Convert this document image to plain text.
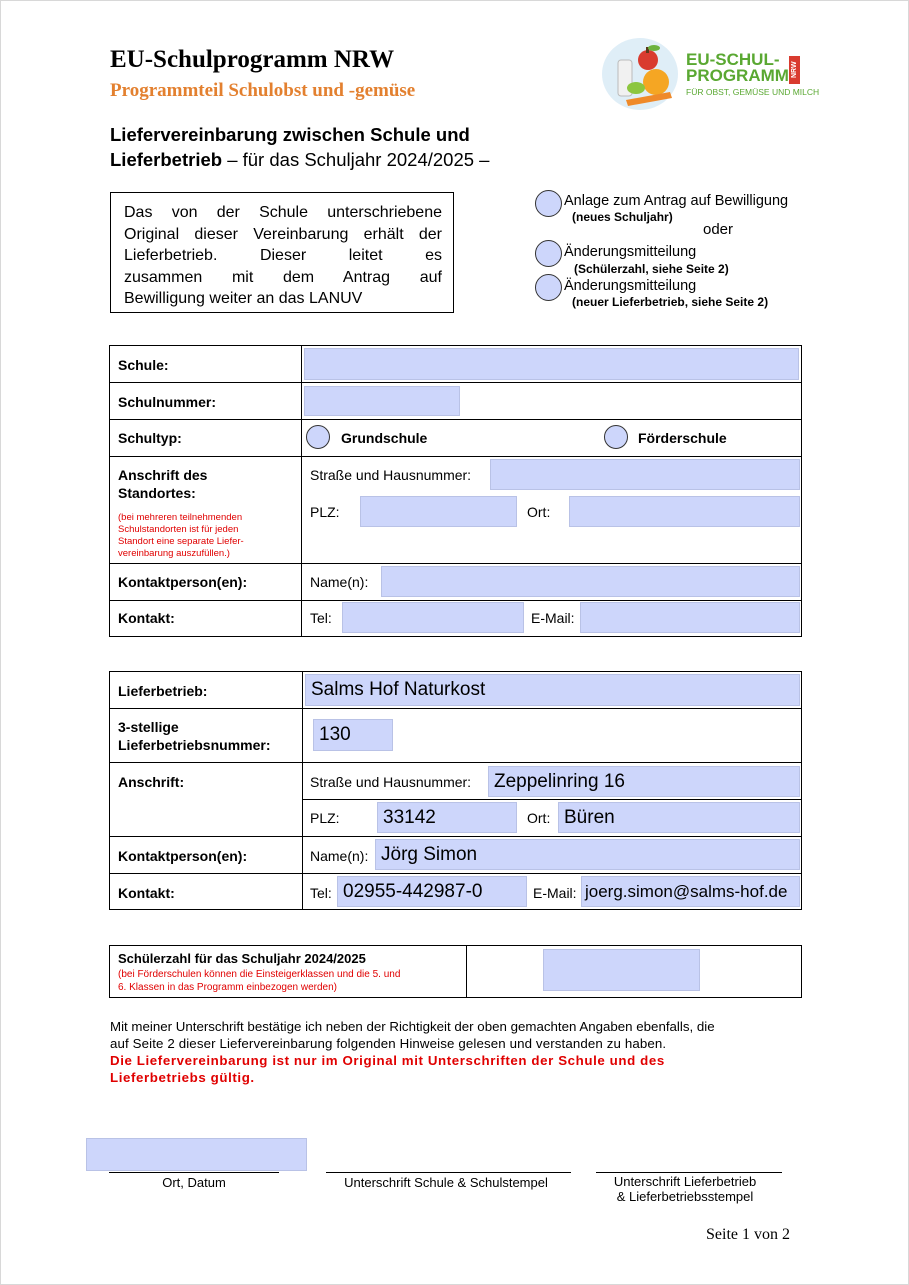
EU-Schulprogramm NRW
Programmteil Schulobst und -gemüse
EU-SCHUL-
PROGRAMM NRW
FÜR OBST, GEMÜSE UND MILCH
Liefervereinbarung zwischen Schule und
Lieferbetrieb – für das Schuljahr 2024/2025 –
Das von der Schule unterschriebene
Original dieser Vereinbarung erhält der
Lieferbetrieb. Dieser leitet es
zusammen mit dem Antrag auf
Bewilligung weiter an das LANUV
Anlage zum Antrag auf Bewilligung
(neues Schuljahr)
oder
Änderungsmitteilung
(Schülerzahl, siehe Seite 2)
Änderungsmitteilung
(neuer Lieferbetrieb, siehe Seite 2)
Schule:
Schulnummer:
Schultyp:	Grundschule	Förderschule
Anschrift des
Standortes:
(bei mehreren teilnehmenden
Schulstandorten ist für jeden
Standort eine separate Liefer-
vereinbarung auszufüllen.)
Straße und Hausnummer:
PLZ:	Ort:
Kontaktperson(en):	Name(n):
Kontakt:	Tel:	E-Mail:
Lieferbetrieb:	Salms Hof Naturkost
3-stellige
Lieferbetriebsnummer:	130
Anschrift:	Straße und Hausnummer:	Zeppelinring 16
PLZ:	33142	Ort: Büren
Kontaktperson(en):	Name(n): Jörg Simon
Kontakt:	Tel: 02955-442987-0	E-Mail: joerg.simon@salms-hof.de
Schülerzahl für das Schuljahr 2024/2025
(bei Förderschulen können die Einsteigerklassen und die 5. und
6. Klassen in das Programm einbezogen werden)
Mit meiner Unterschrift bestätige ich neben der Richtigkeit der oben gemachten Angaben ebenfalls, die
auf Seite 2 dieser Liefervereinbarung folgenden Hinweise gelesen und verstanden zu haben.
Die Liefervereinbarung ist nur im Original mit Unterschriften der Schule und des
Lieferbetriebs gültig.
Ort, Datum	Unterschrift Schule & Schulstempel	Unterschrift Lieferbetrieb
& Lieferbetriebsstempel
Seite 1 von 2
